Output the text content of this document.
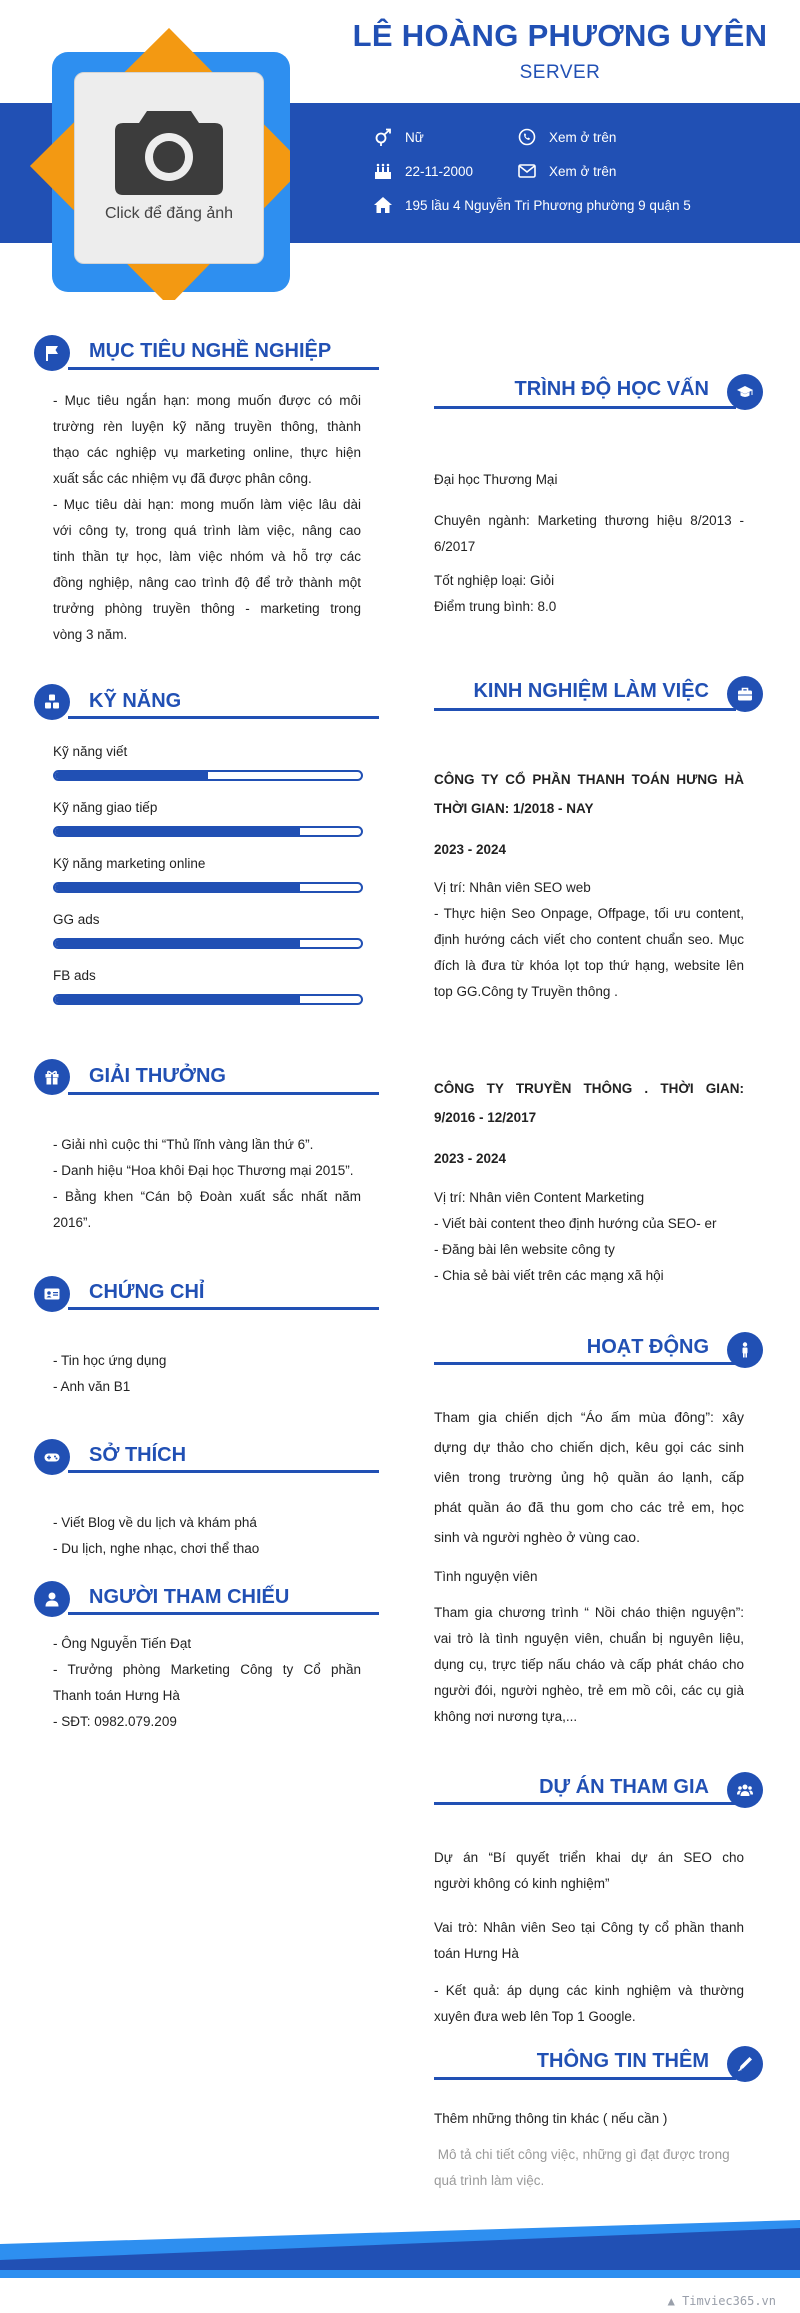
LÊ HOÀNG PHƯƠNG UYÊN
SERVER
Nữ	Xem ở trên
22-11-2000	Xem ở trên
195 lầu 4 Nguyễn Tri Phương phường 9 quận 5
Click để đăng ảnh
MỤC TIÊU NGHỀ NGHIỆP
- Mục tiêu ngắn hạn: mong muốn được có môi
trường rèn luyện kỹ năng truyền thông, thành
thạo các nghiệp vụ marketing online, thực hiện
xuất sắc các nhiệm vụ đã được phân công.
- Mục tiêu dài hạn: mong muốn làm việc lâu dài
với công ty, trong quá trình làm việc, nâng cao
tinh thần tự học, làm việc nhóm và hỗ trợ các
đồng nghiệp, nâng cao trình độ để trở thành một
trưởng phòng truyền thông - marketing trong
vòng 3 năm.
KỸ NĂNG
Kỹ năng viết
Kỹ năng giao tiếp
Kỹ năng marketing online
GG ads
FB ads
GIẢI THƯỞNG
- Giải nhì cuộc thi “Thủ lĩnh vàng lần thứ 6”.
- Danh hiệu “Hoa khôi Đại học Thương mại 2015”.
- Bằng khen “Cán bộ Đoàn xuất sắc nhất năm
2016”.
CHỨNG CHỈ
- Tin học ứng dụng
- Anh văn B1
SỞ THÍCH
- Viết Blog về du lịch và khám phá
- Du lịch, nghe nhạc, chơi thể thao
NGƯỜI THAM CHIẾU
- Ông Nguyễn Tiến Đạt
- Trưởng phòng Marketing Công ty Cổ phần
Thanh toán Hưng Hà
- SĐT: 0982.079.209
TRÌNH ĐỘ HỌC VẤN
Đại học Thương Mại
Chuyên ngành: Marketing thương hiệu 8/2013 -
6/2017
Tốt nghiệp loại: Giỏi
Điểm trung bình: 8.0
KINH NGHIỆM LÀM VIỆC
CÔNG TY CỔ PHẦN THANH TOÁN HƯNG HÀ
THỜI GIAN: 1/2018 - NAY
2023 - 2024
Vị trí: Nhân viên SEO web
- Thực hiện Seo Onpage, Offpage, tối ưu content,
định hướng cách viết cho content chuẩn seo. Mục
đích là đưa từ khóa lọt top thứ hạng, website lên
top GG.Công ty Truyền thông .
CÔNG TY TRUYỀN THÔNG . THỜI GIAN:
9/2016 - 12/2017
2023 - 2024
Vị trí: Nhân viên Content Marketing
- Viết bài content theo định hướng của SEO- er
- Đăng bài lên website công ty
- Chia sẻ bài viết trên các mạng xã hội
HOẠT ĐỘNG
Tham gia chiến dịch “Áo ấm mùa đông”: xây
dựng dự thảo cho chiến dịch, kêu gọi các sinh
viên trong trường ủng hộ quần áo lạnh, cấp
phát quần áo đã thu gom cho các trẻ em, học
sinh và người nghèo ở vùng cao.
Tình nguyện viên
Tham gia chương trình “ Nồi cháo thiện nguyện”:
vai trò là tình nguyện viên, chuẩn bị nguyên liệu,
dụng cụ, trực tiếp nấu cháo và cấp phát cháo cho
người đói, người nghèo, trẻ em mồ côi, các cụ già
không nơi nương tựa,...
DỰ ÁN THAM GIA
Dự án “Bí quyết triển khai dự án SEO cho
người không có kinh nghiệm”
Vai trò: Nhân viên Seo tại Công ty cổ phần thanh
toán Hưng Hà
- Kết quả: áp dụng các kinh nghiệm và thường
xuyên đưa web lên Top 1 Google.
THÔNG TIN THÊM
Thêm những thông tin khác ( nếu cần )
Mô tả chi tiết công việc, những gì đạt được trong
quá trình làm việc.
▲ Timviec365.vn
